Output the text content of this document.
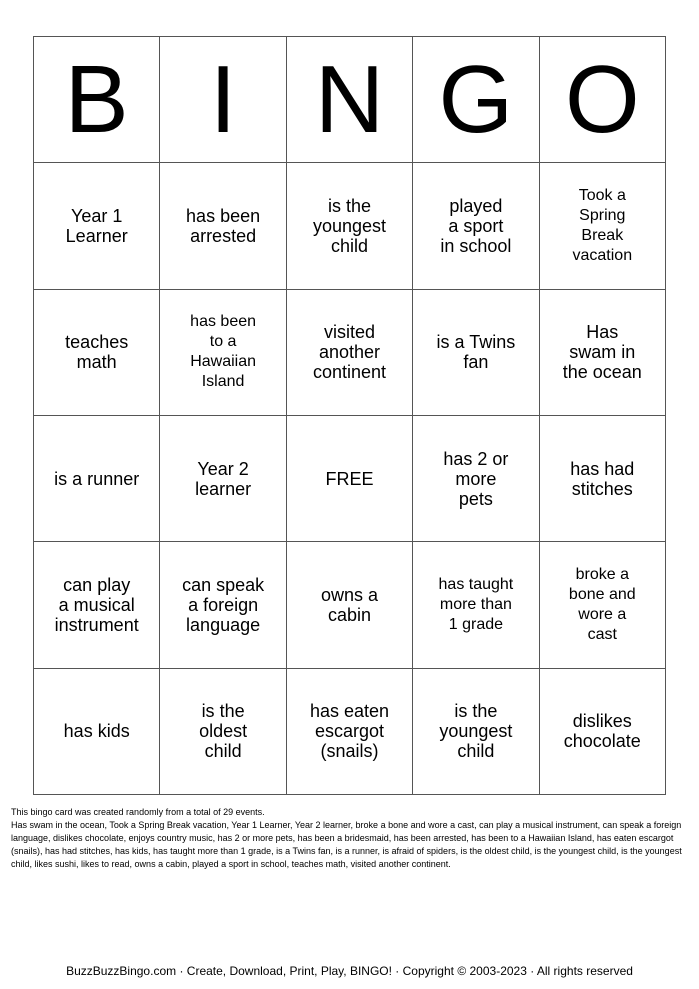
B I N G O
Year 1
Learner
has been
arrested
is the
youngest
child
played
a sport
in school
Took a
Spring
Break
vacation
teaches
math
has been
to a
Hawaiian
Island
visited
another
continent
is a Twins
fan
Has
swam in
the ocean
is a runner	Year 2
learner	FREE
has 2 or
more
pets
has had
stitches
can play
a musical
instrument
can speak
a foreign
language
owns a
cabin
has taught
more than
1 grade
broke a
bone and
wore a
cast
has kids
is the
oldest
child
has eaten
escargot
(snails)
is the
youngest
child
dislikes
chocolate
This bingo card was created randomly from a total of 29 events.
Has swam in the ocean, Took a Spring Break vacation, Year 1 Learner, Year 2 learner, broke a bone and wore a cast, can play a musical instrument, can speak a foreign language, dislikes chocolate, enjoys country music, has 2 or more pets, has been a bridesmaid, has been arrested, has been to a Hawaiian Island, has eaten escargot (snails), has had stitches, has kids, has taught more than 1 grade, is a Twins fan, is a runner, is afraid of spiders, is the oldest child, is the youngest child, is the youngest child, likes sushi, likes to read, owns a cabin, played a sport in school, teaches math, visited another continent.
BuzzBuzzBingo.com · Create, Download, Print, Play, BINGO! · Copyright © 2003-2023 · All rights reserved
